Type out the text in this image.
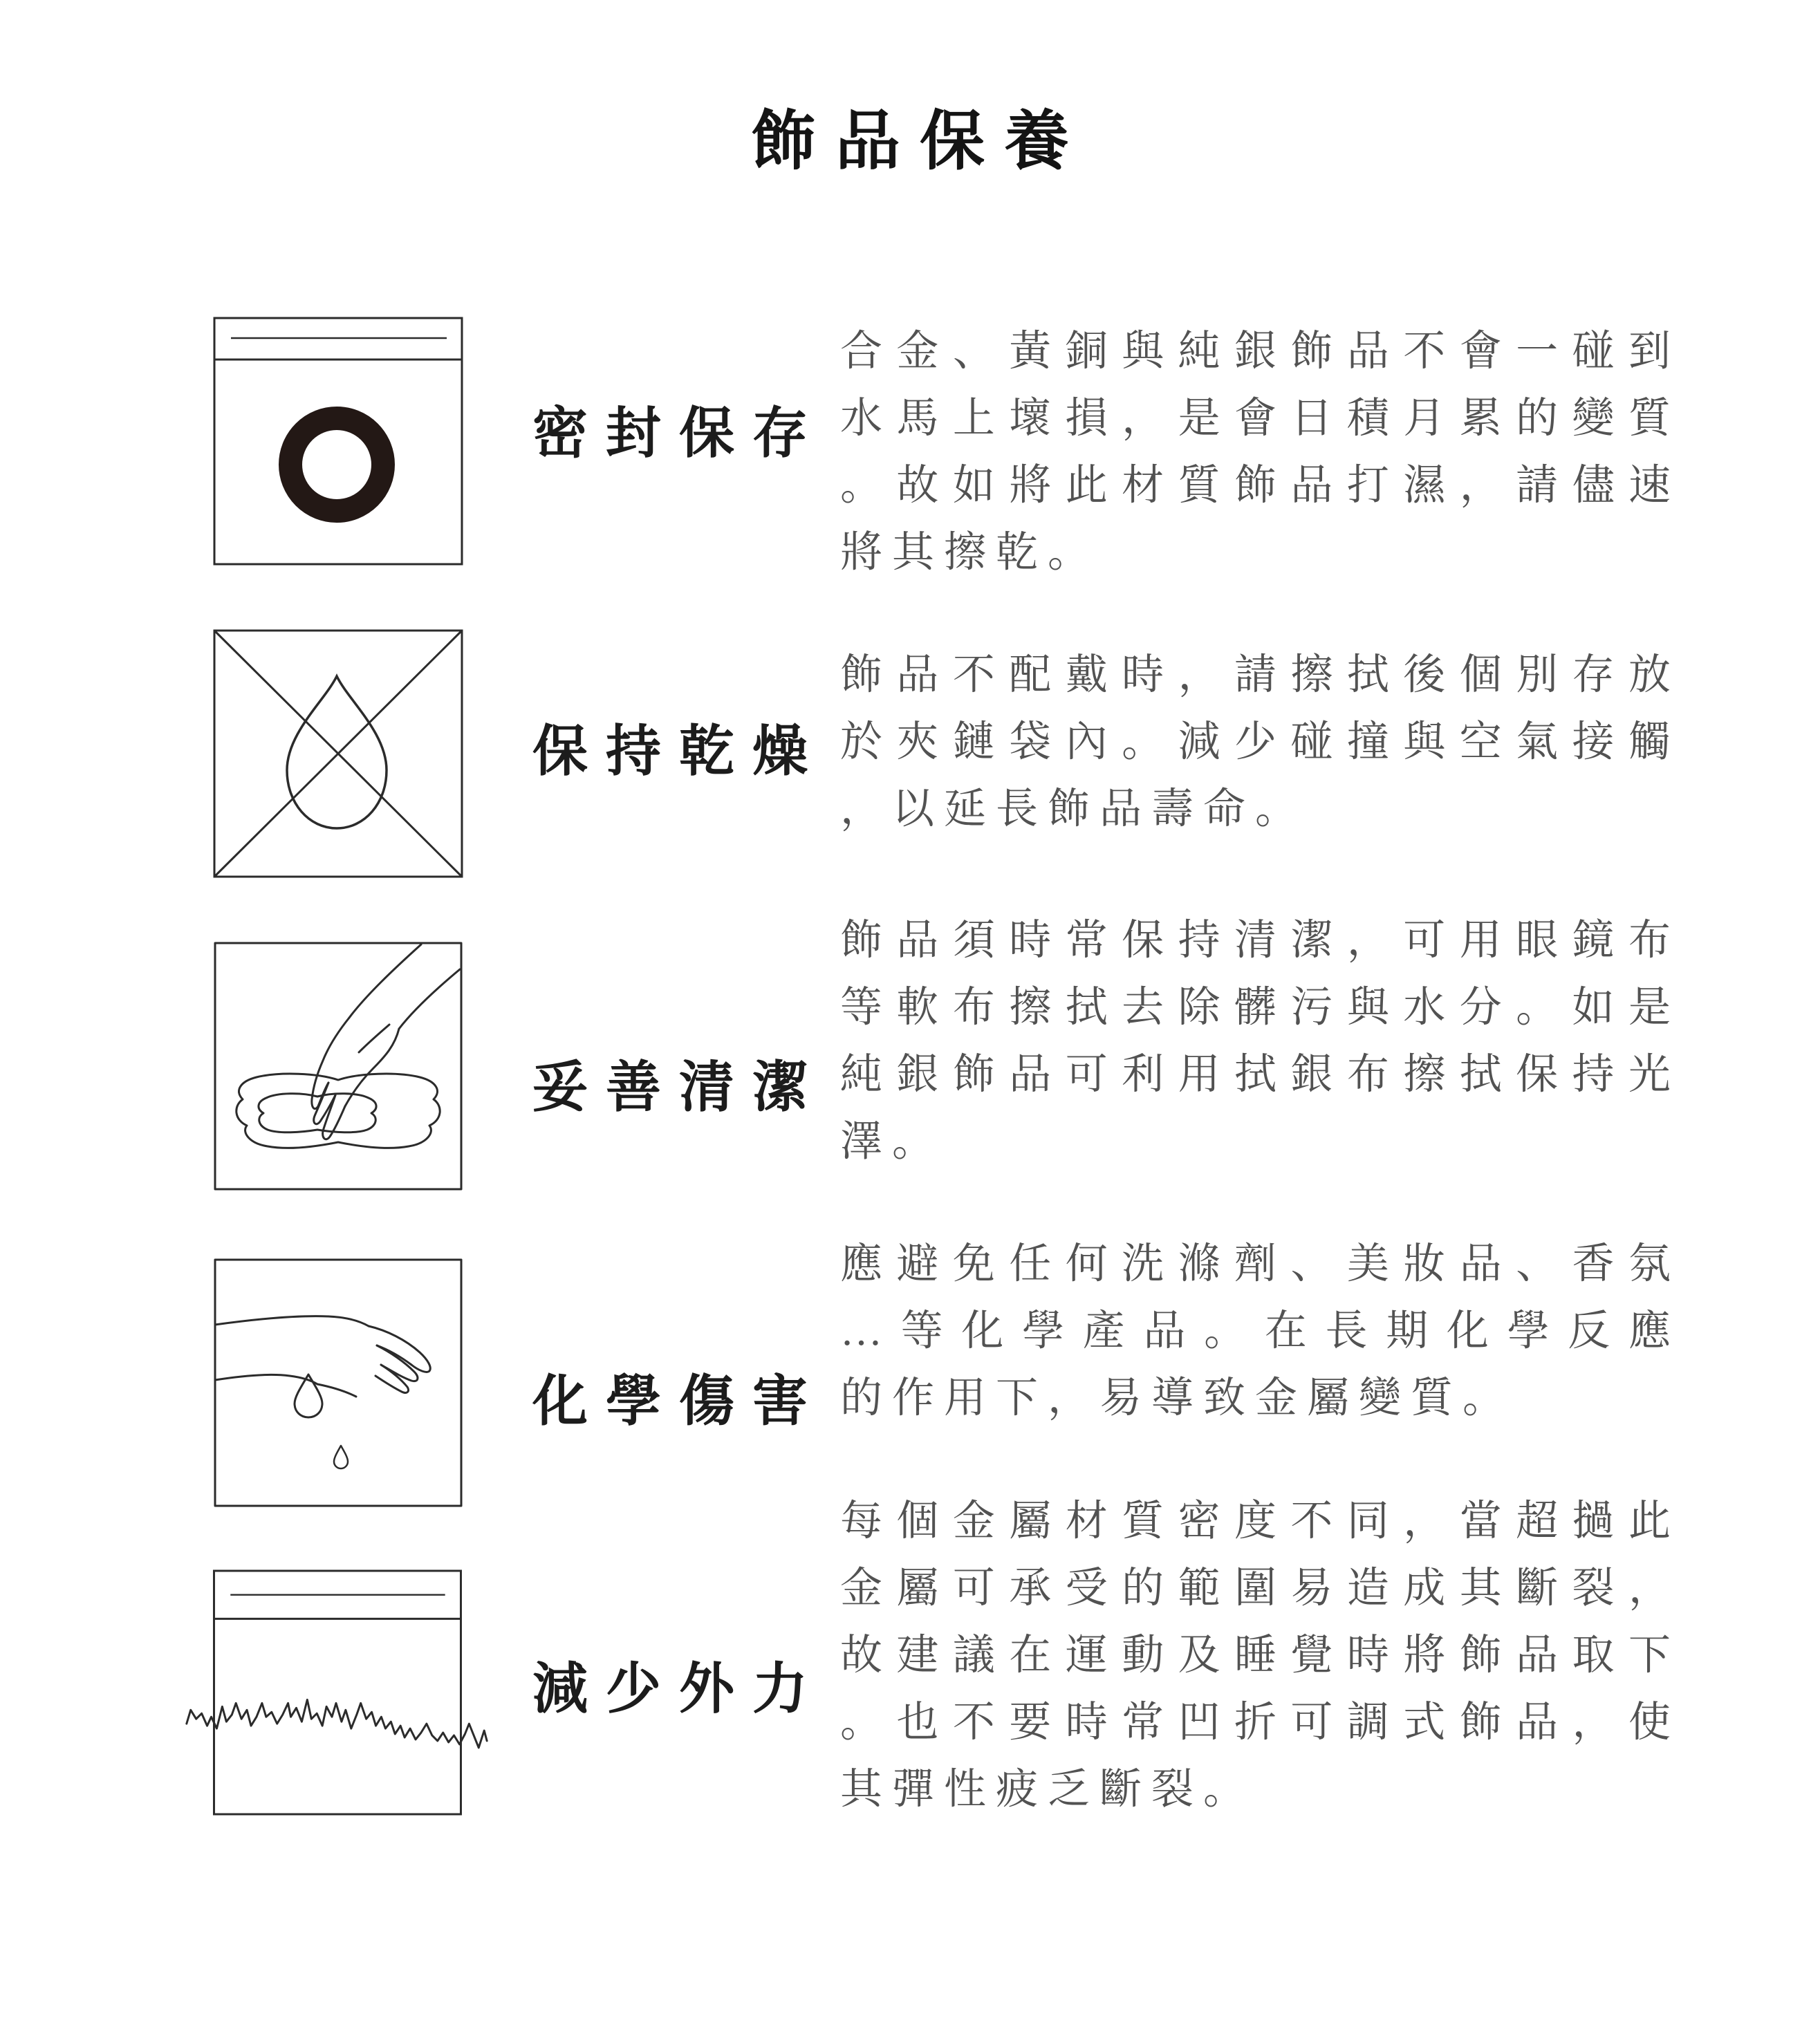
飾品保養
密封保存

合金、黃銅與純銀飾品不會一碰到

水馬上壞損，是會日積月累的變質

。故如將此材質飾品打濕，請儘速

將其擦乾。

保持乾燥

飾品不配戴時，請擦拭後個別存放

於夾鏈袋內。減少碰撞與空氣接觸

，以延長飾品壽命。

妥善清潔

飾品須時常保持清潔，可用眼鏡布

等軟布擦拭去除髒污與水分。如是

純銀飾品可利用拭銀布擦拭保持光

澤。

化學傷害

應避免任何洗滌劑、美妝品、香氛

…等化學產品。在長期化學反應

的作用下，易導致金屬變質。

減少外力

每個金屬材質密度不同，當超撾此

金屬可承受的範圍易造成其斷裂，

故建議在運動及睡覺時將飾品取下

。也不要時常凹折可調式飾品，使

其彈性疲乏斷裂。
